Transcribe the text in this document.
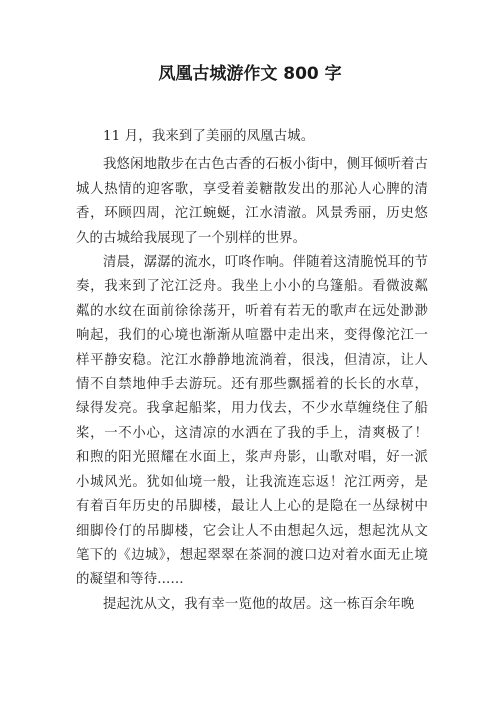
凤凰古城游作文 800 字

11 月，我来到了美丽的凤凰古城。

我悠闲地散步在古色古香的石板小街中，侧耳倾听着古城人热情的迎客歌，享受着姜糖散发出的那沁人心脾的清香，环顾四周，沱江蜿蜒，江水清澈。风景秀丽，历史悠久的古城给我展现了一个别样的世界。

清晨，潺潺的流水，叮咚作响。伴随着这清脆悦耳的节奏，我来到了沱江泛舟。我坐上小小的乌篷船。看微波粼粼的水纹在面前徐徐荡开，听着有若无的歌声在远处渺渺响起，我们的心境也渐渐从喧嚣中走出来，变得像沱江一样平静安稳。沱江水静静地流淌着，很浅，但清凉，让人情不自禁地伸手去游玩。还有那些飘摇着的长长的水草，绿得发亮。我拿起船桨，用力伐去，不少水草缠绕住了船桨，一不小心，这清凉的水洒在了我的手上，清爽极了！和煦的阳光照耀在水面上，浆声舟影，山歌对唱，好一派小城风光。犹如仙境一般，让我流连忘返！沱江两旁，是有着百年历史的吊脚楼，最让人上心的是隐在一丛绿树中细脚伶仃的吊脚楼，它会让人不由想起久远，想起沈从文笔下的《边城》，想起翠翠在茶洞的渡口边对着水面无止境的凝望和等待......

提起沈从文，我有幸一览他的故居。这一栋百余年晚
